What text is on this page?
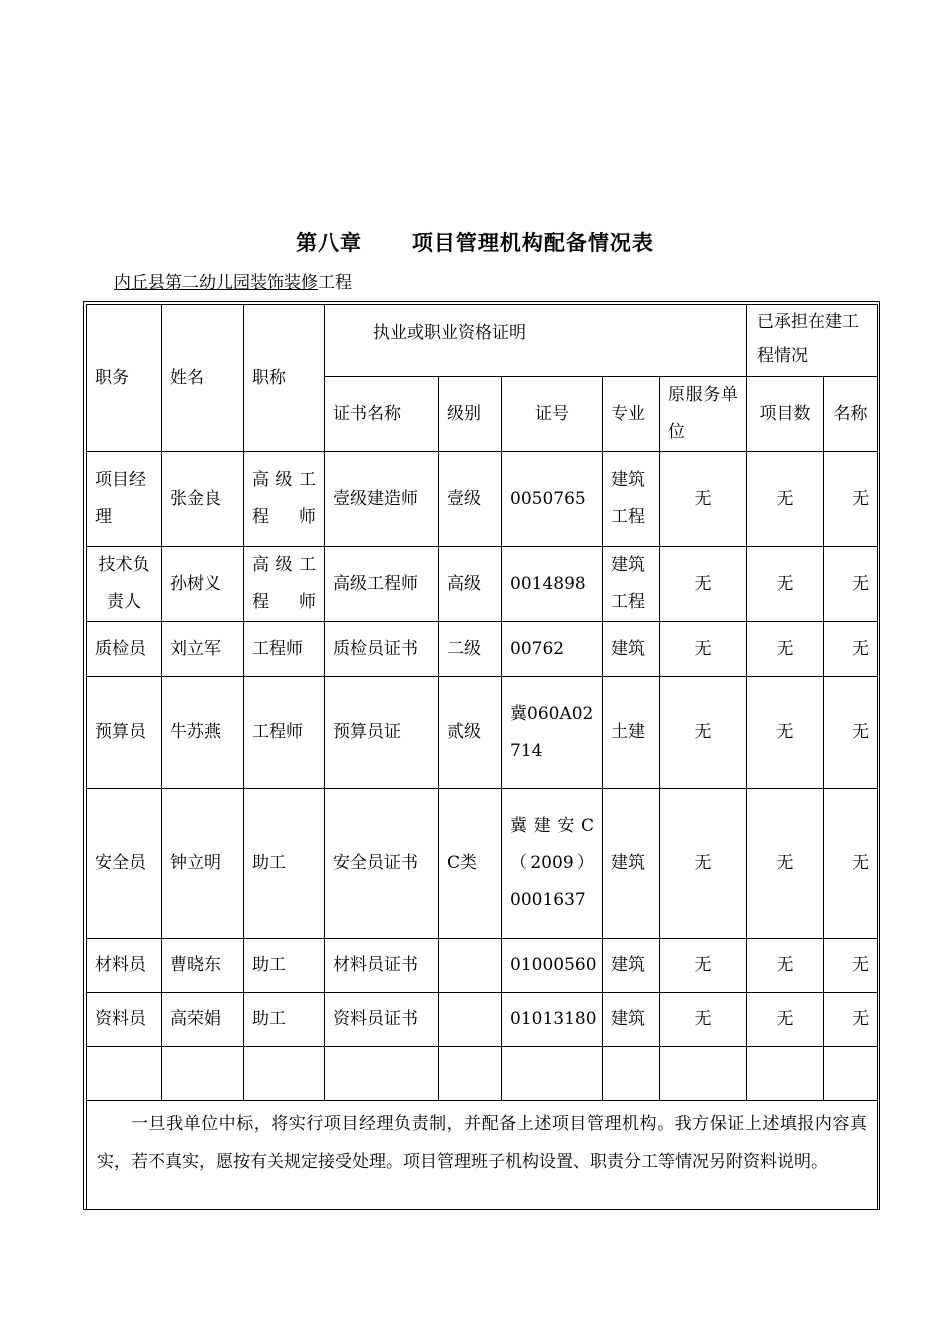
第八章      项目管理机构配备情况表
内丘县第二幼儿园装饰装修工程
职务	姓名	职称	执业或职业资格证明					已承担在建工程情况	
			证书名称	级别	证号	专业	原服务单位	项目数	名称
项目经理	张金良	高级工程师	壹级建造师	壹级	0050765	建筑工程	无	无	无
技术负责人	孙树义	高级工程师	高级工程师	高级	0014898	建筑工程	无	无	无
质检员	刘立军	工程师	质检员证书	二级	00762	建筑	无	无	无
预算员	牛苏燕	工程师	预算员证	贰级	冀060A02714	土建	无	无	无
安全员	钟立明	助工	安全员证书	C类	冀建安C（2009）0001637	建筑	无	无	无
材料员	曹晓东	助工	材料员证书		01000560	建筑	无	无	无
资料员	高荣娟	助工	资料员证书		01013180	建筑	无	无	无

一旦我单位中标，将实行项目经理负责制，并配备上述项目管理机构。我方保证上述填报内容真实，若不真实，愿按有关规定接受处理。项目管理班子机构设置、职责分工等情况另附资料说明。									
